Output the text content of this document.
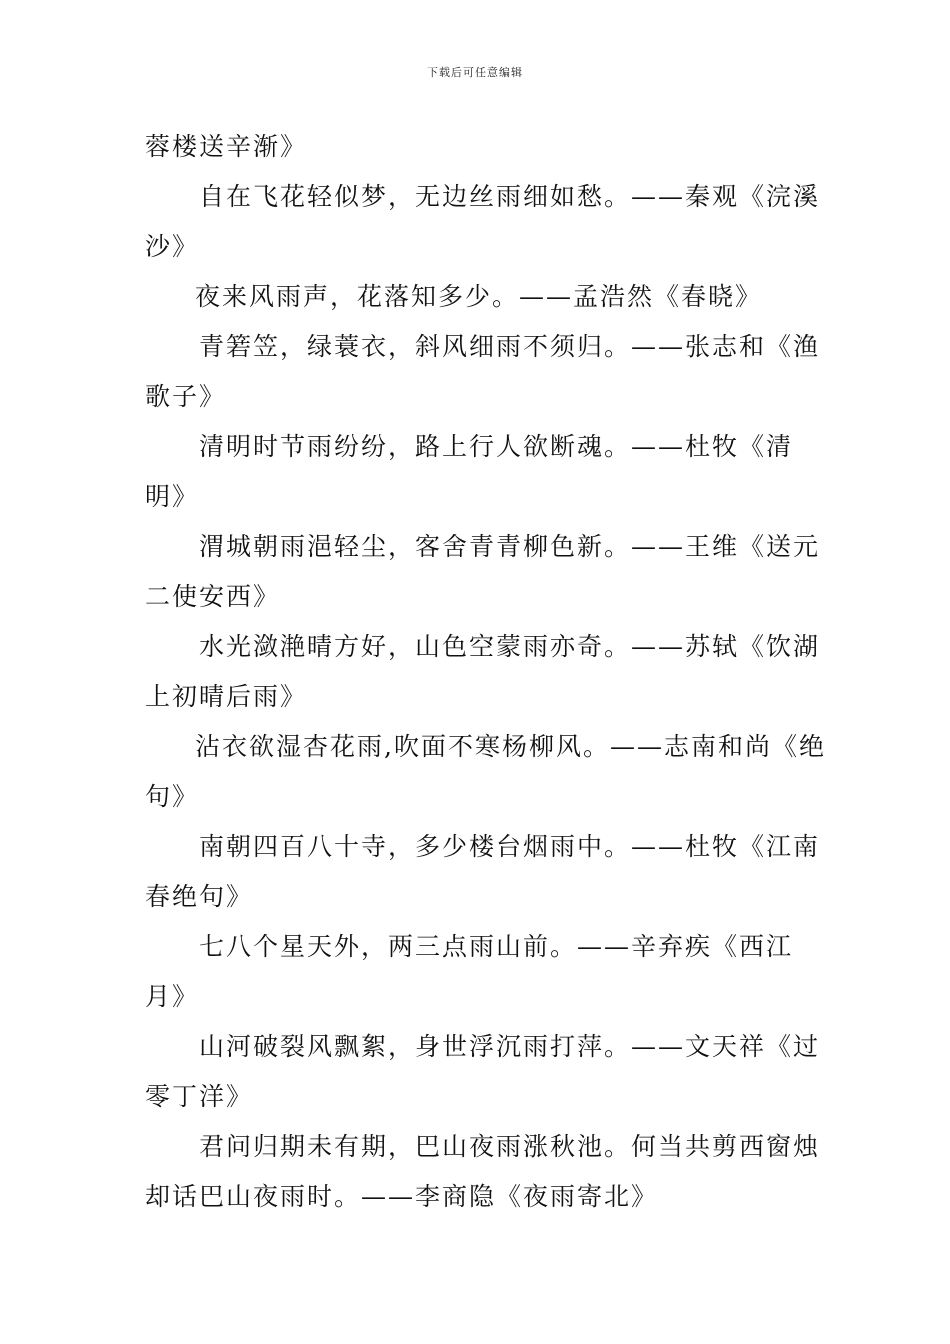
下载后可任意编辑
蓉楼送辛渐》
自在飞花轻似梦，无边丝雨细如愁。——秦观《浣溪
沙》
夜来风雨声，花落知多少。——孟浩然《春晓》
青箬笠，绿蓑衣，斜风细雨不须归。——张志和《渔
歌子》
清明时节雨纷纷，路上行人欲断魂。——杜牧《清
明》
渭城朝雨浥轻尘，客舍青青柳色新。——王维《送元
二使安西》
水光潋滟晴方好，山色空蒙雨亦奇。——苏轼《饮湖
上初晴后雨》
沾衣欲湿杏花雨,吹面不寒杨柳风。——志南和尚《绝
句》
南朝四百八十寺，多少楼台烟雨中。——杜牧《江南
春绝句》
七八个星天外，两三点雨山前。——辛弃疾《西江
月》
山河破裂风飘絮，身世浮沉雨打萍。——文天祥《过
零丁洋》
君问归期未有期，巴山夜雨涨秋池。何当共剪西窗烛
却话巴山夜雨时。——李商隐《夜雨寄北》
